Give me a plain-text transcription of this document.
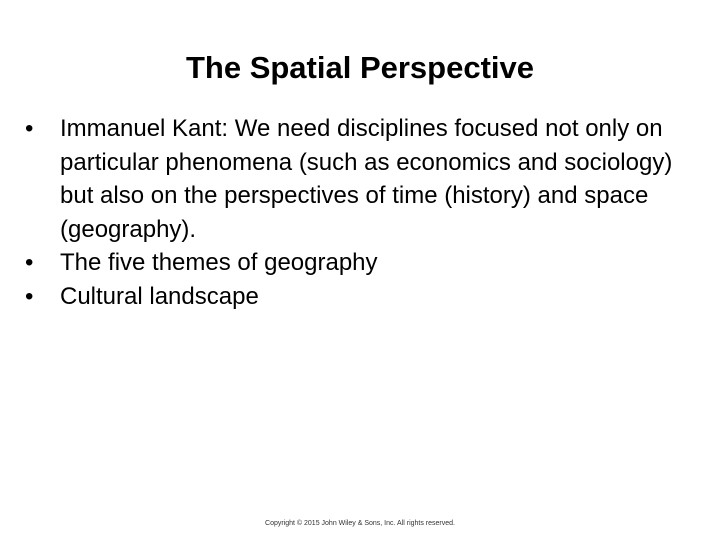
The Spatial Perspective
•	Immanuel Kant: We need disciplines focused not only on particular phenomena (such as economics and sociology) but also on the perspectives of time (history) and space (geography).
•	The five themes of geography
•	Cultural landscape
Copyright © 2015 John Wiley & Sons, Inc. All rights reserved.
